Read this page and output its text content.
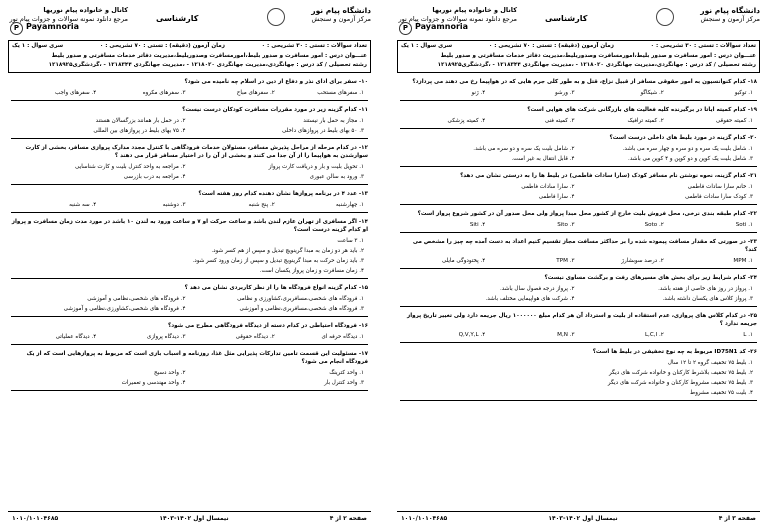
کانال و خانواده پیام نوریها
مرجع دانلود نمونه سوالات و جزوات پیام نور
P Payamnoria
کارشناسی
دانشگاه پیام نور
مرکز آزمون و سنجش
تعداد سوالات : تستی : ۳۰ تشریحی : ۰
زمان آزمون (دقیقه) : تستی : ۷۰ تشریحی : ۰
سری سوال : ۱ یک
عنـــوان درس : امور مسافرت و صدور بلیط،امورمسافرت وصدوربلیط،مدیریت دفاتر خدمات مسافرتی و صدور بلیط
رشته تحصیلی / کد درس : جهانگردی،مدیریت جهانگردی ۱۲۱۸۰۲۰ - ،مدیریت جهانگردی ۱۲۱۸۳۴۴ - ،گردشگری۱۲۱۸۹۲۵
۱۰- سفر برای ادای نذر و دفاع از دین در اسلام چه نامیده می شود؟
۱. سفرهای مستحب
۲. سفرهای مباح
۳. سفرهای مکروه
۴. سفرهای واجب
۱۱- کدام گزینه زیر در مورد مقررات مسافرت کودکان درست نیست؟
۱. مجاز به حمل بار نیستند
۲. در حمل بار همانند بزرگسالان هستند
۳. ۵۰ بهای بلیط در پروازهای داخلی
۴. ۷۵ بهای بلیط در پروازهای بین المللی
۱۲- در کدام مرحله از مراحل پذیرش مسافر، مسئولان خدمات فرودگاهی با کنترل مجدد مدارک پروازی مسافر، بخشی از کارت سوارشدن به هواپیما را از آن جدا می کنند و بخشی از آن را در اختیار مسافر قرار می دهند ؟
۱. تحویل بلیت و بار و دریافت کارت پرواز
۲. مراجعه به واحد کنترل بلیت و کارت شناسایی
۳. ورود به سالن عبوری
۴. مراجعه به درب بازرسی
۱۳- عدد ۴ در برنامه پروازها نشان دهنده کدام روز هفته است؟
۱. چهارشنبه
۲. پنج شنبه
۳. دوشنبه
۴. سه شنبه
۱۴- اگر مسافری از تهران عازم لندن باشد و ساعت حرکت او ۷ و ساعت ورود به لندن ۱۰ باشد در مورد مدت زمان مسافرت و پرواز او کدام گزینه درست است؟
۱. ۳ ساعت
۲. باید هر دو زمان به مبدا گرینویچ تبدیل و سپس از هم کسر شود.
۳. باید زمان حرکت به مبدا گرینویچ تبدیل و سپس از زمان ورود کسر شود.
۴. زمان مسافرت و زمان پرواز یکسان است.
۱۵- کدام گزینه انواع فرودگاه ها را از نظر کاربردی نشان می دهد ؟
۱. فرودگاه های شخصی،مسافربری،کشاورزی و نظامی
۲. فرودگاه های شخصی،نظامی و آموزشی
۳. فرودگاه های شخصی،مسافربری،نظامی و آموزشی
۴. فرودگاه های شخصی،کشاورزی،نظامی و آموزشی
۱۶- فرودگاه احتیاطی در کدام دسته از دیدگاه فرودگاهی مطرح می شود؟
۱. دیدگاه حرفه ای
۲. دیدگاه حقوقی
۳. دیدگاه پروازی
۴. دیدگاه عملیاتی
۱۷- مسئولیت این قسمت تامین تدارکات پذیرایی مثل غذا، روزنامه و اسباب بازی است که مربوط به پروازهایی است که از یک فرودگاه انجام می شود؟
۱. واحد کترینگ
۲. واحد دسیج
۳. واحد کنترل بار
۴. واحد مهندسی و تعمیرات
۱۰۱۰/۱۰۱۰۴۶۸۵	نیمسال اول ۱۴۰۲-۱۴۰۳	صفحه ۲ از ۴
کانال و خانواده پیام نوریها
مرجع دانلود نمونه سوالات و جزوات پیام نور
P Payamnoria
کارشناسی
دانشگاه پیام نور
مرکز آزمون و سنجش
تعداد سوالات : تستی : ۳۰ تشریحی : ۰
زمان آزمون (دقیقه) : تستی : ۷۰ تشریحی : ۰
سری سوال : ۱ یک
عنـــوان درس : امور مسافرت و صدور بلیط،امورمسافرت وصدوربلیط،مدیریت دفاتر خدمات مسافرتی و صدور بلیط
رشته تحصیلی / کد درس : جهانگردی،مدیریت جهانگردی ۱۲۱۸۰۲۰ - ،مدیریت جهانگردی ۱۲۱۸۳۴۴ - ،گردشگری۱۲۱۸۹۲۵
۱۸- کدام کنوانسیون به امور حقوقی مسافر از قبیل نزاع، قتل و به طور کلی جرم هایی که در هواپیما رخ می دهند می پردازد؟
۱. توکیو
۲. شیکاگو
۳. ورشو
۴. ژنو
۱۹- کدام کمیته ایاتا در برگیرنده کلیه فعالیت های بازرگانی شرکت های هوایی است؟
۱. کمیته حقوقی
۲. کمیته ترافیک
۳. کمیته فنی
۴. کمیته پزشکی
۲۰- کدام گزینه در مورد بلیط های داخلی درست است؟
۱. شامل بلیت یک سره و دو سره و چهار سره می باشد.
۲. شامل بلیت یک سره و دو سره می باشد.
۳. شامل بلیت یک کوپن و دو کوپن و ۴ کوپن می باشد.
۴. قابل انتقال به غیر است.
۲۱- کدام گزینه، نحوه نوشتن نام مسافر کودک (سارا سادات فاطمی) در بلیط ها را به درستی نشان می دهد؟
۱. خانم سارا سادات فاطمی
۲. سارا سادات فاطمی
۳. کودک سارا سادات فاطمی
۴. سارا فاطمی
۲۲- کدام طبقه بندی نرخی، محل فروش بلیت خارج از کشور محل مبدا پرواز ولی محل صدور آن در کشور شروع پرواز است؟
۱. Soti
۲. Soto
۳. Sito
۴. Siti
۲۳- در صورتی که مقدار مسافت پیموده شده را بر حداکثر مسافت مجاز تقسیم کنیم اعداد به دست آمده چه چیز را مشخص می کند؟
۱. MPM
۲. درصد سوبشارژ
۳. TPM
۴. پختودوگی مایلی
۲۴- کدام شرایط زیر برای بخش های مسیرهای رفت و برگشت مساوی نیست؟
۱. پرواز در روز های خاصی از هفته باشد.
۲. پرواز درجه فصول سال باشد.
۳. پرواز کلاس های یکسان داشته باشد.
۴. شرکت های هواپیمایی مختلف باشد.
۲۵- در کدام کلاس های پروازی، عدم استفاده از بلیت و استرداد آن هر کدام مبلغ ۱۰۰۰۰۰۰ ریال جریمه دارد ولی تغییر تاریخ پرواز جریمه ندارد ؟
۱. L
۲. L,C,I
۳. M,N
۴. Q,V,Y,L
۲۶- کد ID75N1 مربوط به چه نوع تخفیفی در بلیط ها است؟
۱. بلیط ۷۵ تخفیف گروه ۲ تا ۱۲ سال
۲. بلیط ۷۵ تخفیف بلاشرط کارکنان و خانواده شرکت های دیگر
۳. بلیط ۷۵ تخفیف مشروط کارکنان و خانواده شرکت های دیگر
۴. بلیت ۷۵ تخفیف مشروط
۱۰۱۰/۱۰۱۰۴۶۸۵	نیمسال اول ۱۴۰۲-۱۴۰۳	صفحه ۳ از ۴
